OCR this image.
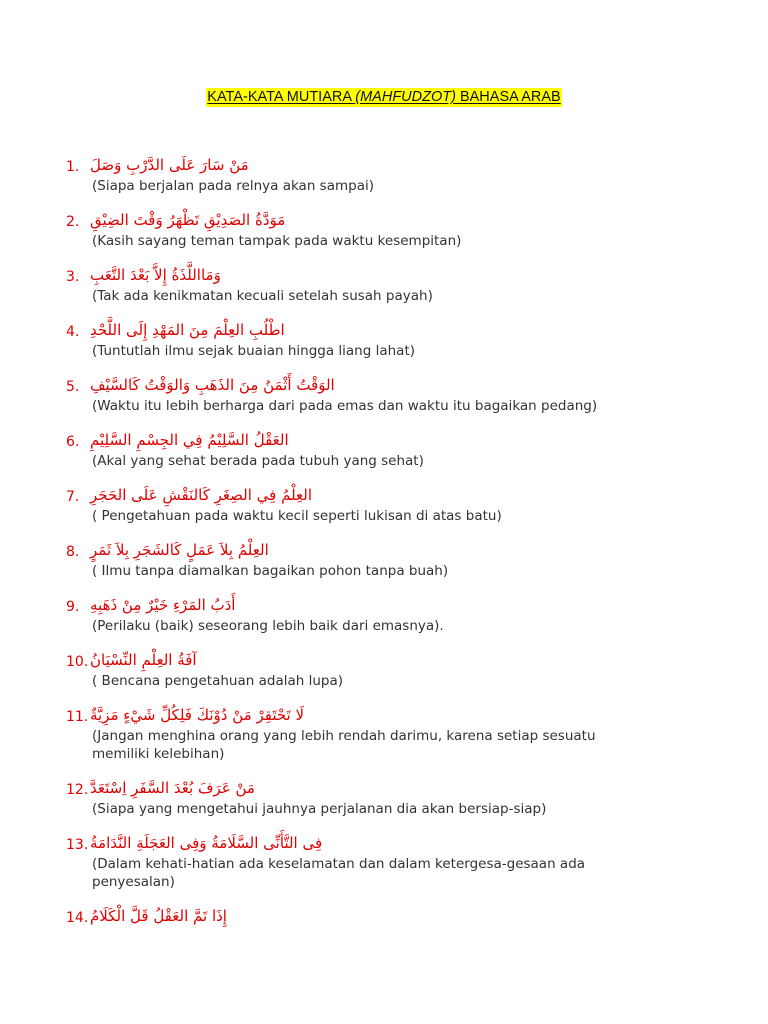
KATA-KATA MUTIARA (MAHFUDZOT) BAHASA ARAB
1. مَنْ سَارَ عَلَى الدَّرْبِ وَصَلَ
(Siapa berjalan pada relnya akan sampai)
2. مَوَدَّةُ الصَدِيْقِ تَظْهَرُ وَقْتَ الضِيْقِ
(Kasih sayang teman tampak pada waktu kesempitan)
3. وَمَااللَّذَةُ إِلاَّ بَعْدَ التَّعَبِ
(Tak ada kenikmatan kecuali setelah susah payah)
4. اطْلُبِ العِلْمَ مِنَ المَهْدِ إِلَى اللَّحْدِ
(Tuntutlah ilmu sejak buaian hingga liang lahat)
5. الوَقْتُ أَثْمَنُ مِنَ الذَهَبِ وَالوَقْتُ كَالسَّيْفِ
(Waktu itu lebih berharga dari pada emas dan waktu itu bagaikan pedang)
6. العَقْلُ السَّلِيْمُ فِي الجِسْمِ السَّلِيْمِ
(Akal yang sehat berada pada tubuh yang sehat)
7. العِلْمُ فِي الصِغَرِ كَالنَقْشِ عَلَى الحَجَرِ
( Pengetahuan pada waktu kecil seperti lukisan di atas batu)
8. العِلْمُ بِلاَ عَمَلٍ كَالشَجَرِ بِلاَ ثَمَرٍ
( Ilmu tanpa diamalkan bagaikan pohon tanpa buah)
9. أَدَبُ المَرْءِ خَيْرٌ مِنْ ذَهَبِهِ
(Perilaku (baik) seseorang lebih baik dari emasnya).
10. آفَةُ العِلْمِ النِّسْيَانُ
( Bencana pengetahuan adalah lupa)
11. لَا تَحْتَقِرْ مَنْ دُوْنَكَ فَلِكُلِّ شَيْءٍ مَزِيَّةٌ
(Jangan menghina orang yang lebih rendah darimu, karena setiap sesuatu
memiliki kelebihan)
12. مَنْ عَرَفَ بُعْدَ السَّفَرِ اِسْتَعَدَّ
(Siapa yang mengetahui jauhnya perjalanan dia akan bersiap-siap)
13. فِى التَّأَنِّى السَّلَامَةُ وَفِى العَجَلَةِ النَّدَامَةُ
(Dalam kehati-hatian ada keselamatan dan dalam ketergesa-gesaan ada
penyesalan)
14. إِذَا تَمَّ العَقْلُ قَلَّ الْكَلَامُ
